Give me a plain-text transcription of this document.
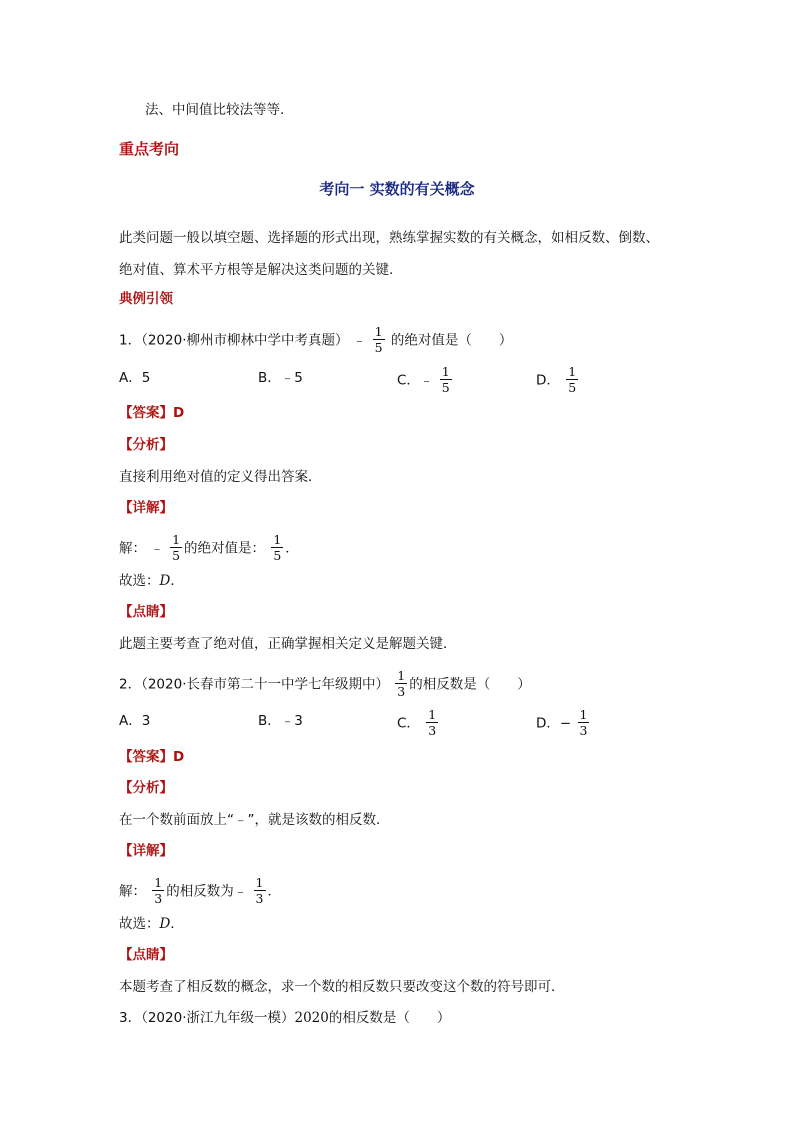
法、中间值比较法等等.
重点考向
考向一 实数的有关概念
此类问题一般以填空题、选择题的形式出现，熟练掌握实数的有关概念，如相反数、倒数、
绝对值、算术平方根等是解决这类问题的关键.
典例引领
1．（2020·柳州市柳林中学中考真题） ﹣ $\frac{1}{5}$ 的绝对值是（　　）
A．5	B．﹣5	C．﹣ $\frac{1}{5}$	D． $\frac{1}{5}$
【答案】D
【分析】
直接利用绝对值的定义得出答案．
【详解】
解： ﹣ $\frac{1}{5}$ 的绝对值是： $\frac{1}{5}$ ．
故选：D．
【点睛】
此题主要考查了绝对值，正确掌握相关定义是解题关键．
2．（2020·长春市第二十一中学七年级期中） $\frac{1}{3}$ 的相反数是（　　）
A．3	B．﹣3	C． $\frac{1}{3}$	D．− $\frac{1}{3}$
【答案】D
【分析】
在一个数前面放上“﹣”，就是该数的相反数．
【详解】
解： $\frac{1}{3}$ 的相反数为﹣ $\frac{1}{3}$ ．
故选：D．
【点睛】
本题考查了相反数的概念，求一个数的相反数只要改变这个数的符号即可．
3．（2020·浙江九年级一模）2020的相反数是（　　）
